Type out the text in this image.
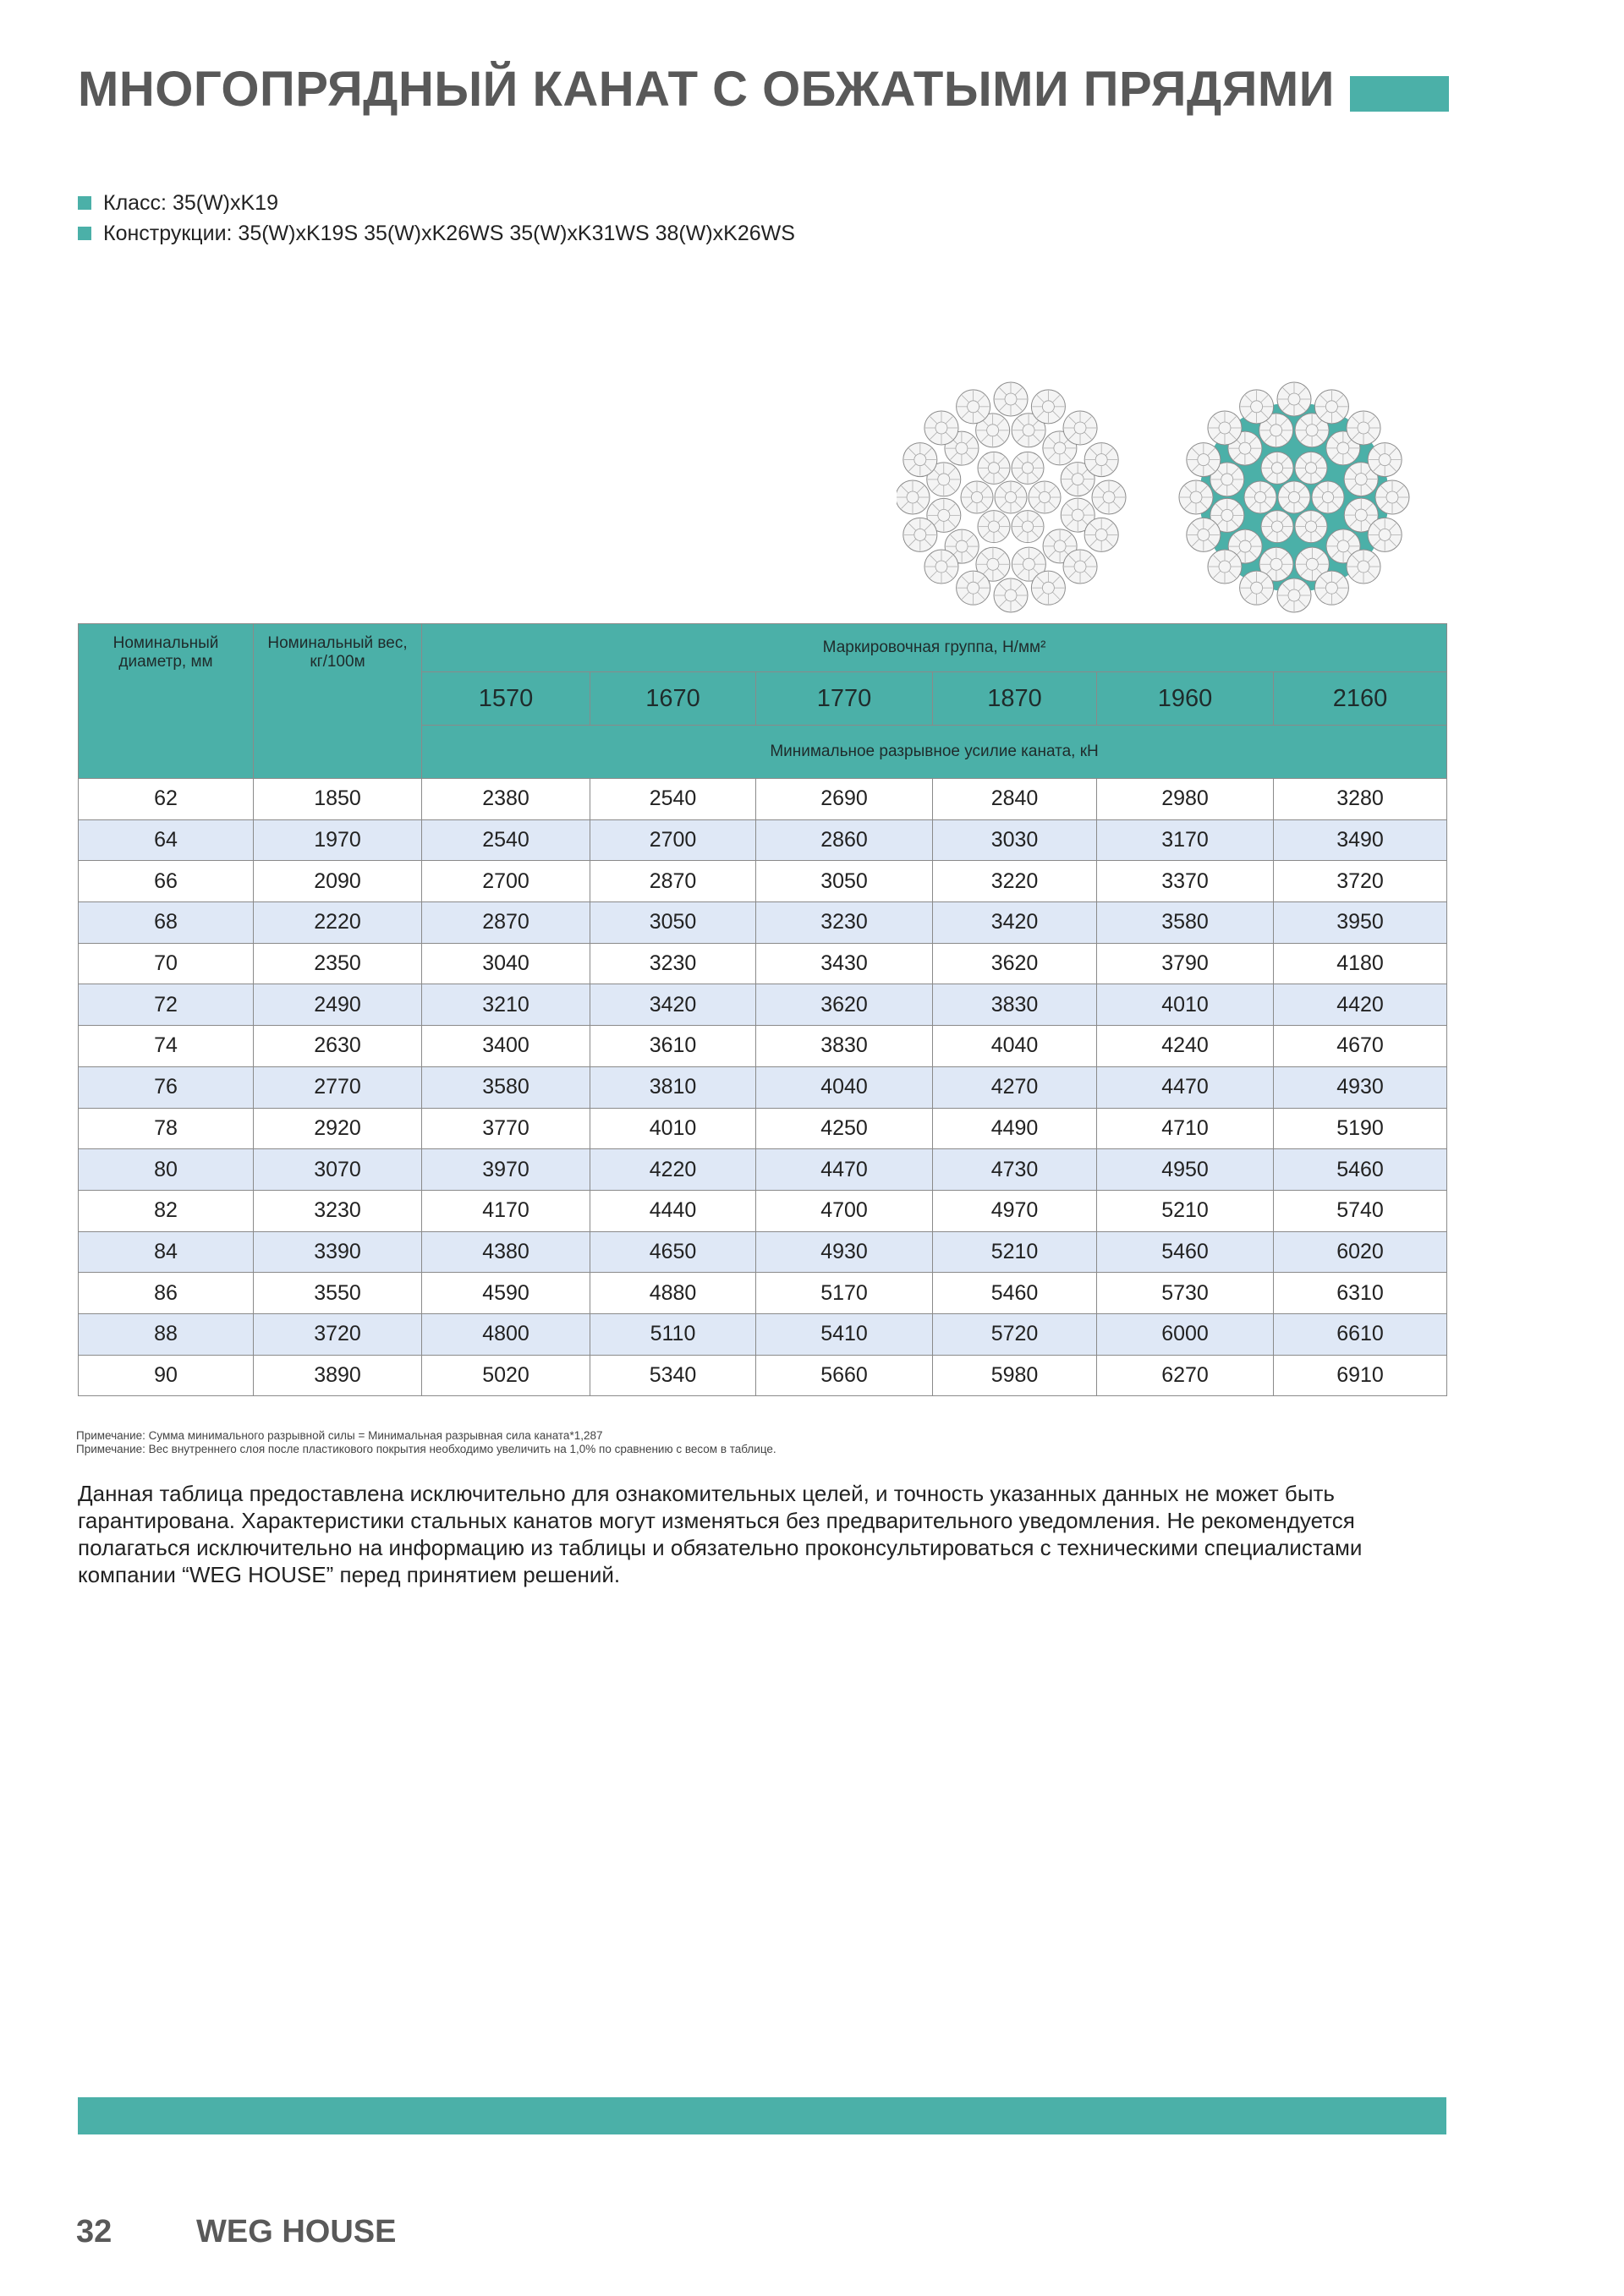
МНОГОПРЯДНЫЙ КАНАТ С ОБЖАТЫМИ ПРЯДЯМИ
Класс: 35(W)xK19
Конструкции: 35(W)xK19S 35(W)xK26WS 35(W)xK31WS 38(W)xK26WS
Номинальный диаметр, мм	Номинальный вес, кг/100м	Маркировочная группа, Н/мм²					
		1570	1670	1770	1870	1960	2160
		Минимальное разрывное усилие каната, кН					
62	1850	2380	2540	2690	2840	2980	3280
64	1970	2540	2700	2860	3030	3170	3490
66	2090	2700	2870	3050	3220	3370	3720
68	2220	2870	3050	3230	3420	3580	3950
70	2350	3040	3230	3430	3620	3790	4180
72	2490	3210	3420	3620	3830	4010	4420
74	2630	3400	3610	3830	4040	4240	4670
76	2770	3580	3810	4040	4270	4470	4930
78	2920	3770	4010	4250	4490	4710	5190
80	3070	3970	4220	4470	4730	4950	5460
82	3230	4170	4440	4700	4970	5210	5740
84	3390	4380	4650	4930	5210	5460	6020
86	3550	4590	4880	5170	5460	5730	6310
88	3720	4800	5110	5410	5720	6000	6610
90	3890	5020	5340	5660	5980	6270	6910
Примечание: Сумма минимального разрывной силы = Минимальная разрывная сила каната*1,287
Примечание: Вес внутреннего слоя после пластикового покрытия необходимо увеличить на 1,0% по сравнению с весом в таблице.
Данная таблица предоставлена исключительно для ознакомительных целей, и точность указанных данных не может быть гарантирована. Характеристики стальных канатов могут изменяться без предварительного уведомления. Не рекомендуется полагаться исключительно на информацию из таблицы и обязательно проконсультироваться с техническими специалистами компании “WEG HOUSE” перед принятием решений.
32	WEG HOUSE
